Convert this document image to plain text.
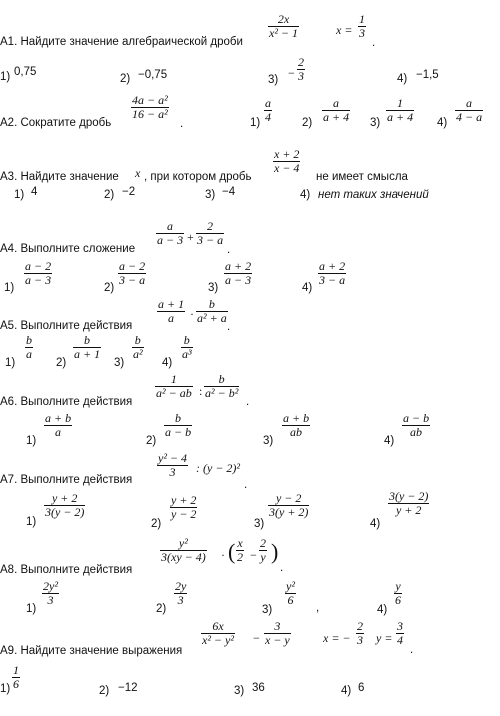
А1. Найдите значение алгебраической дроби
2x
x² − 1	x =
1
3
.
1) 0,75
2) −0,75	3) −
2
3	4) −1,5
А2. Сократите дробь
4a − a²
16 − a²
.	1)
a
4	2)
a
a + 4 3)
1
a + 4 4)
a
4 − a
А3. Найдите значение x , при котором дробь
x + 2
x − 4
не имеет смысла
1) 4	2) −2	3) −4	4) нет таких значений
А4. Выполните сложение
a
a − 3 +
2
3 − a
.
1)
a − 2
a − 3
2)
a − 2
3 − a
3)
a + 2
a − 3
4)
a + 2
3 − a
А5. Выполните действия
a + 1
a ·
b
a² + a
.
1)
b
a
2)
b
a + 1
3)
b
a²
4)
b
a³
А6. Выполните действия
1
a² − ab :
b
a² − b²
.
1)
a + b
a
2)
b
a − b
3)
a + b
ab
4)
a − b
ab
А7. Выполните действия
y² − 4
3 : (y − 2)²
.
1)
y + 2
3(y − 2)
2)
y + 2
y − 2
3)
y − 2
3(y + 2)
4)
3(y − 2)
y + 2
А8. Выполните действия
y²
3(xy − 4) · ( x
2 −
2
y )
.
1)
2y²
3
2)
2y
3
3)
y²
6
,	4)
y
6
А9. Найдите значение выражения
6x
x² − y² −
3
x − y	x = −
2
3 y =
3
4
.
1)
1
6	2) −12	3) 36	4) 6
